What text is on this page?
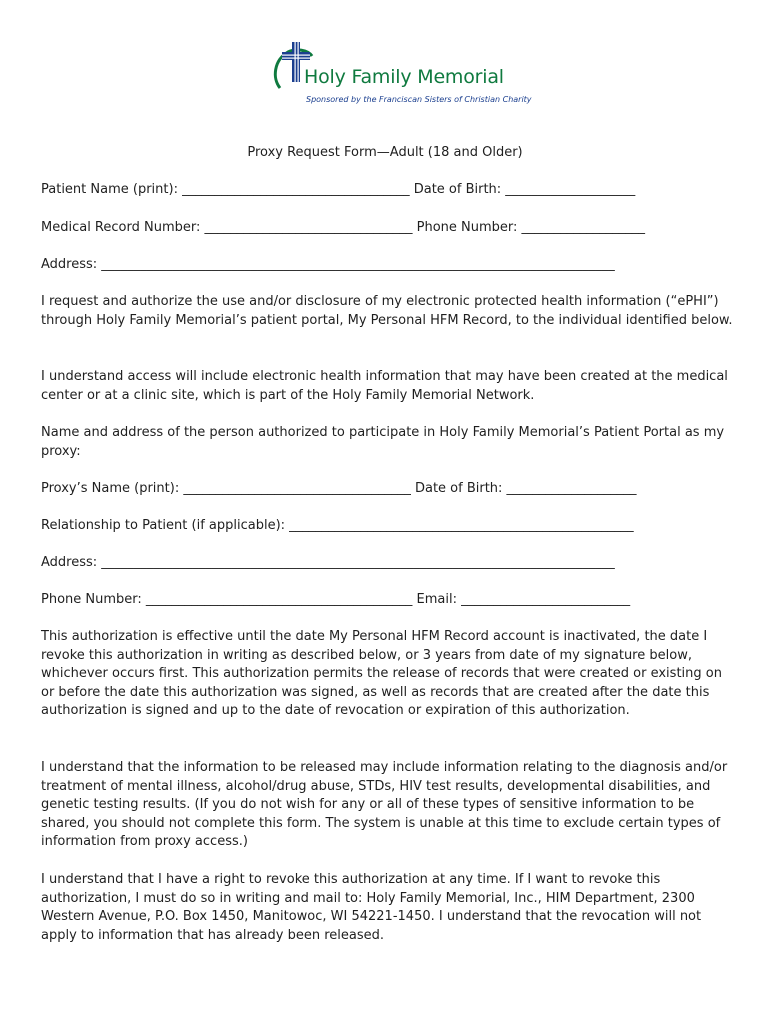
Holy Family Memorial
Sponsored by the Franciscan Sisters of Christian Charity
Proxy Request Form—Adult (18 and Older)
Patient Name (print): ___________________________________ Date of Birth: ____________________
Medical Record Number: ________________________________ Phone Number: ___________________
Address: _______________________________________________________________________________
I request and authorize the use and/or disclosure of my electronic protected health information (“ePHI”) through Holy Family Memorial’s patient portal, My Personal HFM Record, to the individual identified below.
I understand access will include electronic health information that may have been created at the medical center or at a clinic site, which is part of the Holy Family Memorial Network.
Name and address of the person authorized to participate in Holy Family Memorial’s Patient Portal as my proxy:
Proxy’s Name (print): ___________________________________ Date of Birth: ____________________
Relationship to Patient (if applicable): _____________________________________________________
Address: _______________________________________________________________________________
Phone Number: _________________________________________ Email: __________________________
This authorization is effective until the date My Personal HFM Record account is inactivated, the date I revoke this authorization in writing as described below, or 3 years from date of my signature below, whichever occurs first. This authorization permits the release of records that were created or existing on or before the date this authorization was signed, as well as records that are created after the date this authorization is signed and up to the date of revocation or expiration of this authorization.
I understand that the information to be released may include information relating to the diagnosis and/or treatment of mental illness, alcohol/drug abuse, STDs, HIV test results, developmental disabilities, and genetic testing results. (If you do not wish for any or all of these types of sensitive information to be shared, you should not complete this form. The system is unable at this time to exclude certain types of information from proxy access.)
I understand that I have a right to revoke this authorization at any time. If I want to revoke this authorization, I must do so in writing and mail to: Holy Family Memorial, Inc., HIM Department, 2300 Western Avenue, P.O. Box 1450, Manitowoc, WI 54221-1450. I understand that the revocation will not apply to information that has already been released.
